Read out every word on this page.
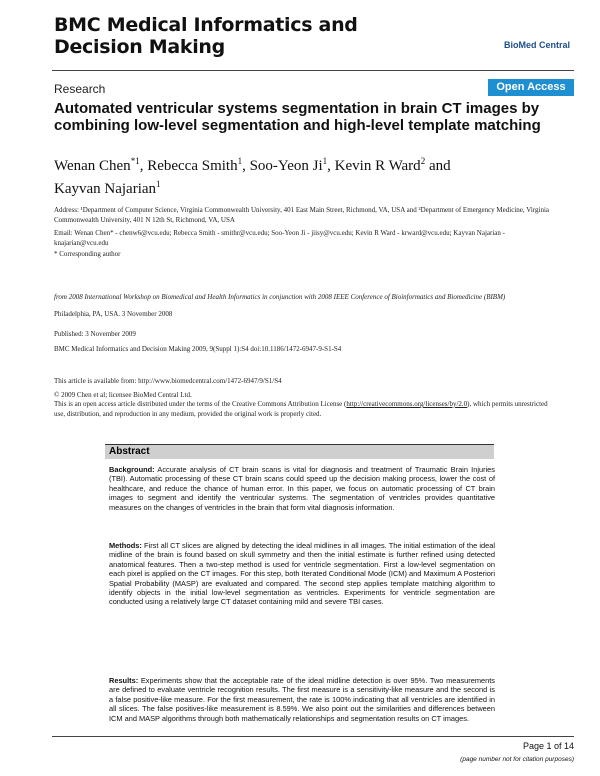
BMC Medical Informatics and Decision Making	BioMed Central
Research	Open Access
Automated ventricular systems segmentation in brain CT images by combining low-level segmentation and high-level template matching
Wenan Chen$^{*1}$, Rebecca Smith$^1$, Soo-Yeon Ji$^1$, Kevin R Ward$^2$ and Kayvan Najarian$^1$
Address: ¹Department of Computer Science, Virginia Commonwealth University, 401 East Main Street, Richmond, VA, USA and ²Department of Emergency Medicine, Virginia Commonwealth University, 401 N 12th St, Richmond, VA, USA
Email: Wenan Chen* - chenw6@vcu.edu; Rebecca Smith - smithr@vcu.edu; Soo-Yeon Ji - jiisy@vcu.edu; Kevin R Ward - krward@vcu.edu; Kayvan Najarian - knajarian@vcu.edu
* Corresponding author
from 2008 International Workshop on Biomedical and Health Informatics in conjunction with 2008 IEEE Conference of Bioinformatics and Biomedicine (BIBM)
Philadelphia, PA, USA. 3 November 2008
Published: 3 November 2009
BMC Medical Informatics and Decision Making 2009, 9(Suppl 1):S4 doi:10.1186/1472-6947-9-S1-S4
This article is available from: http://www.biomedcentral.com/1472-6947/9/S1/S4
© 2009 Chen et al; licensee BioMed Central Ltd.
This is an open access article distributed under the terms of the Creative Commons Attribution License (http://creativecommons.org/licenses/by/2.0), which permits unrestricted use, distribution, and reproduction in any medium, provided the original work is properly cited.
Abstract
Background: Accurate analysis of CT brain scans is vital for diagnosis and treatment of Traumatic Brain Injuries (TBI). Automatic processing of these CT brain scans could speed up the decision making process, lower the cost of healthcare, and reduce the chance of human error. In this paper, we focus on automatic processing of CT brain images to segment and identify the ventricular systems. The segmentation of ventricles provides quantitative measures on the changes of ventricles in the brain that form vital diagnosis information.
Methods: First all CT slices are aligned by detecting the ideal midlines in all images. The initial estimation of the ideal midline of the brain is found based on skull symmetry and then the initial estimate is further refined using detected anatomical features. Then a two-step method is used for ventricle segmentation. First a low-level segmentation on each pixel is applied on the CT images. For this step, both Iterated Conditional Mode (ICM) and Maximum A Posteriori Spatial Probability (MASP) are evaluated and compared. The second step applies template matching algorithm to identify objects in the initial low-level segmentation as ventricles. Experiments for ventricle segmentation are conducted using a relatively large CT dataset containing mild and severe TBI cases.
Results: Experiments show that the acceptable rate of the ideal midline detection is over 95%. Two measurements are defined to evaluate ventricle recognition results. The first measure is a sensitivity-like measure and the second is a false positive-like measure. For the first measurement, the rate is 100% indicating that all ventricles are identified in all slices. The false positives-like measurement is 8.59%. We also point out the similarities and differences between ICM and MASP algorithms through both mathematically relationships and segmentation results on CT images.
Page 1 of 14
(page number not for citation purposes)
